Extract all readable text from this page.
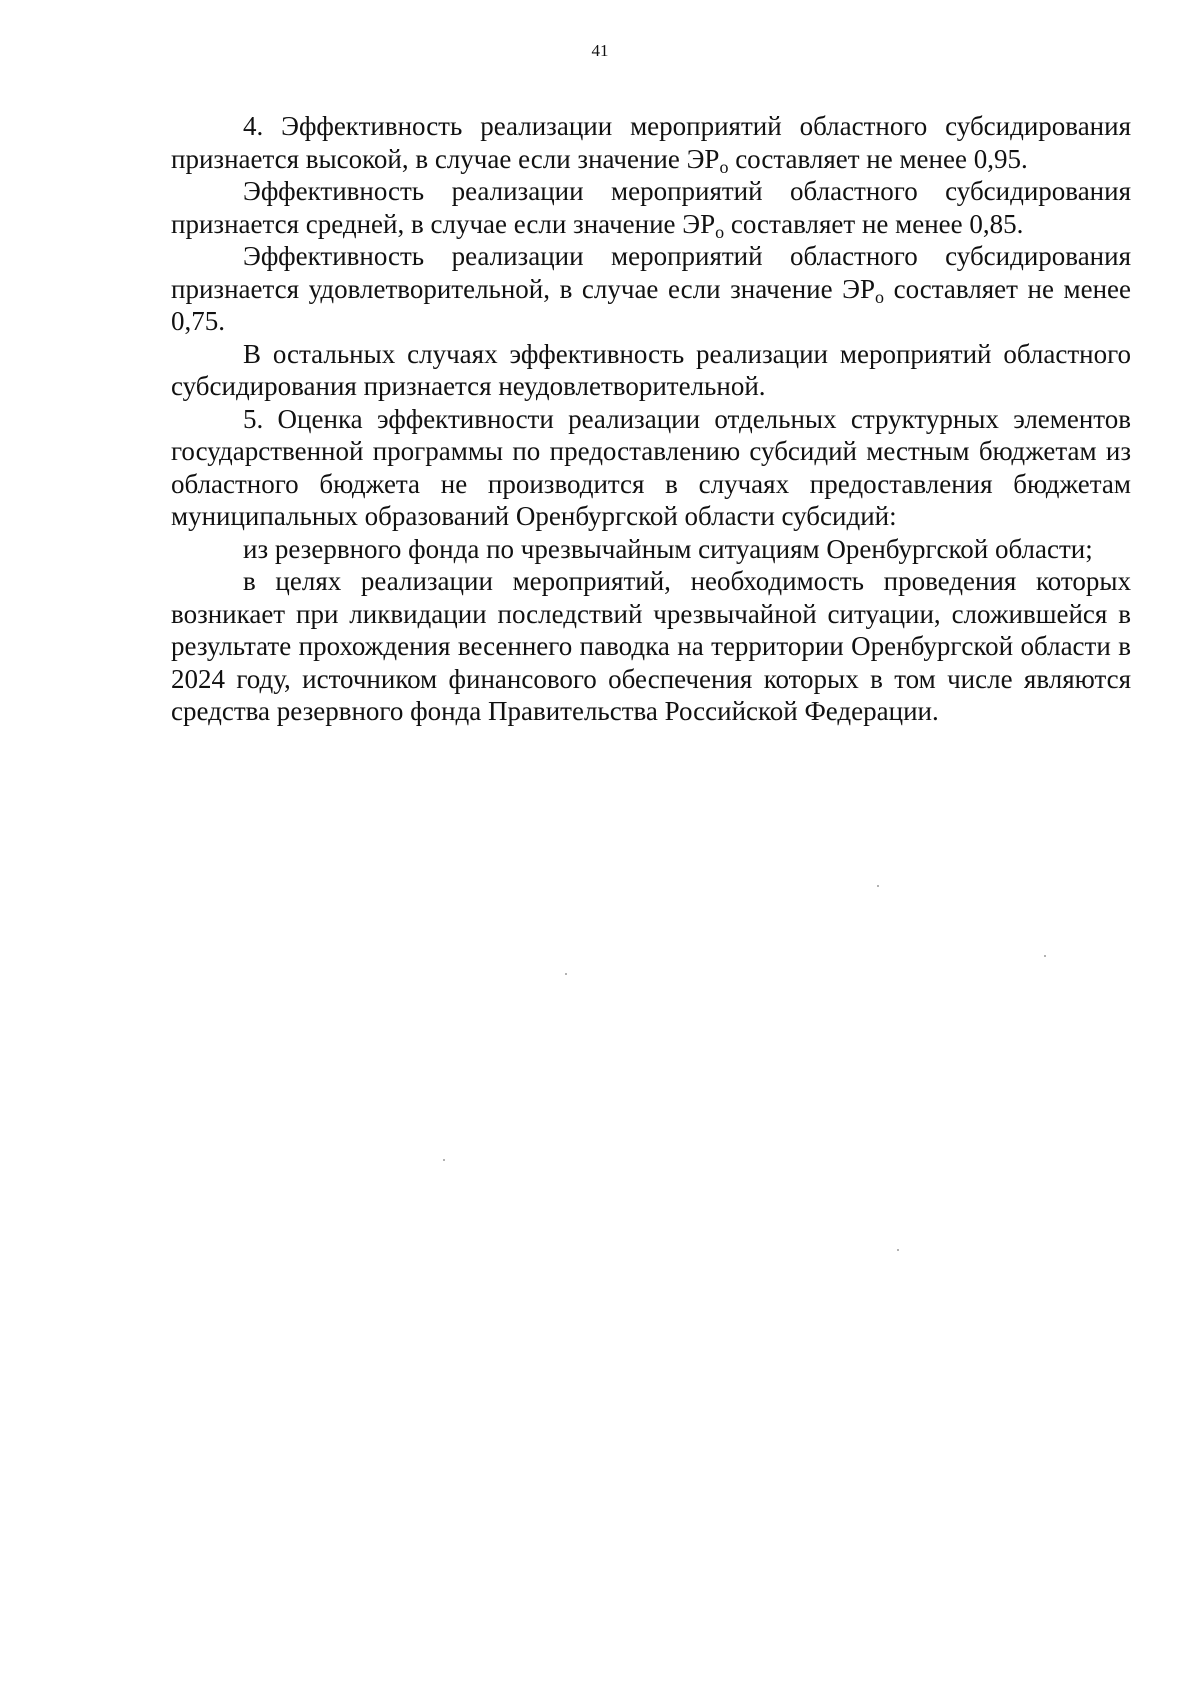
41

4. Эффективность реализации мероприятий областного субсидирования признается высокой, в случае если значение $ЭР_о$ составляет не менее 0,95.

Эффективность реализации мероприятий областного субсидирования признается средней, в случае если значение $ЭР_о$ составляет не менее 0,85.

Эффективность реализации мероприятий областного субсидирования признается удовлетворительной, в случае если значение $ЭР_о$ составляет не менее 0,75.

В остальных случаях эффективность реализации мероприятий областного субсидирования признается неудовлетворительной.

5. Оценка эффективности реализации отдельных структурных элементов государственной программы по предоставлению субсидий местным бюджетам из областного бюджета не производится в случаях предоставления бюджетам муниципальных образований Оренбургской области субсидий:

из резервного фонда по чрезвычайным ситуациям Оренбургской области;

в целях реализации мероприятий, необходимость проведения которых возникает при ликвидации последствий чрезвычайной ситуации, сложившейся в результате прохождения весеннего паводка на территории Оренбургской области в 2024 году, источником финансового обеспечения которых в том числе являются средства резервного фонда Правительства Российской Федерации.
